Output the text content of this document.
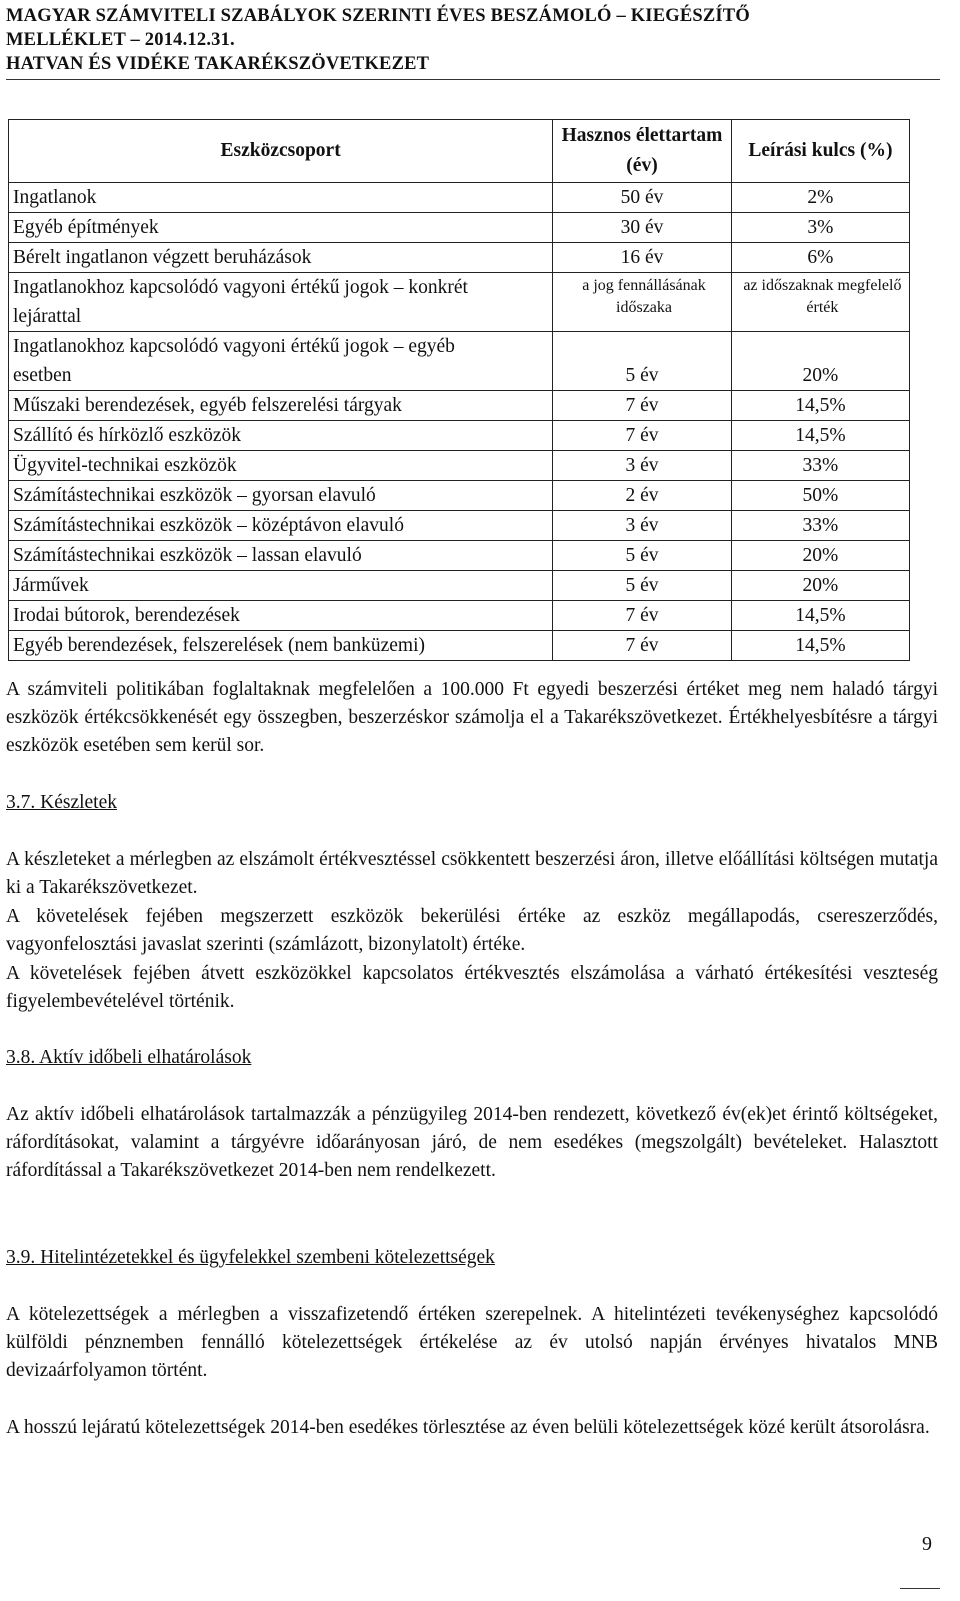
MAGYAR SZÁMVITELI SZABÁLYOK SZERINTI ÉVES BESZÁMOLÓ – KIEGÉSZÍTŐ
MELLÉKLET – 2014.12.31.
HATVAN ÉS VIDÉKE TAKARÉKSZÖVETKEZET
Eszközcsoport	Hasznos élettartam (év)	Leírási kulcs (%)
Ingatlanok	50 év	2%
Egyéb építmények	30 év	3%
Bérelt ingatlanon végzett beruházások	16 év	6%
Ingatlanokhoz kapcsolódó vagyoni értékű jogok – konkrét lejárattal	a jog fennállásának időszaka	az időszaknak megfelelő érték
Ingatlanokhoz kapcsolódó vagyoni értékű jogok – egyéb esetben	5 év	20%
Műszaki berendezések, egyéb felszerelési tárgyak	7 év	14,5%
Szállító és hírközlő eszközök	7 év	14,5%
Ügyvitel-technikai eszközök	3 év	33%
Számítástechnikai eszközök – gyorsan elavuló	2 év	50%
Számítástechnikai eszközök – középtávon elavuló	3 év	33%
Számítástechnikai eszközök – lassan elavuló	5 év	20%
Járművek	5 év	20%
Irodai bútorok, berendezések	7 év	14,5%
Egyéb berendezések, felszerelések (nem banküzemi)	7 év	14,5%
A számviteli politikában foglaltaknak megfelelően a 100.000 Ft egyedi beszerzési értéket meg nem haladó tárgyi eszközök értékcsökkenését egy összegben, beszerzéskor számolja el a Takarékszövetkezet. Értékhelyesbítésre a tárgyi eszközök esetében sem kerül sor.
3.7. Készletek
A készleteket a mérlegben az elszámolt értékvesztéssel csökkentett beszerzési áron, illetve előállítási költségen mutatja ki a Takarékszövetkezet.
A követelések fejében megszerzett eszközök bekerülési értéke az eszköz megállapodás, csereszerződés, vagyonfelosztási javaslat szerinti (számlázott, bizonylatolt) értéke.
A követelések fejében átvett eszközökkel kapcsolatos értékvesztés elszámolása a várható értékesítési veszteség figyelembevételével történik.
3.8. Aktív időbeli elhatárolások
Az aktív időbeli elhatárolások tartalmazzák a pénzügyileg 2014-ben rendezett, következő év(ek)et érintő költségeket, ráfordításokat, valamint a tárgyévre időarányosan járó, de nem esedékes (megszolgált) bevételeket. Halasztott ráfordítással a Takarékszövetkezet 2014-ben nem rendelkezett.
3.9. Hitelintézetekkel és ügyfelekkel szembeni kötelezettségek
A kötelezettségek a mérlegben a visszafizetendő értéken szerepelnek. A hitelintézeti tevékenységhez kapcsolódó külföldi pénznemben fennálló kötelezettségek értékelése az év utolsó napján érvényes hivatalos MNB devizaárfolyamon történt.
A hosszú lejáratú kötelezettségek 2014-ben esedékes törlesztése az éven belüli kötelezettségek közé került átsorolásra.
9
